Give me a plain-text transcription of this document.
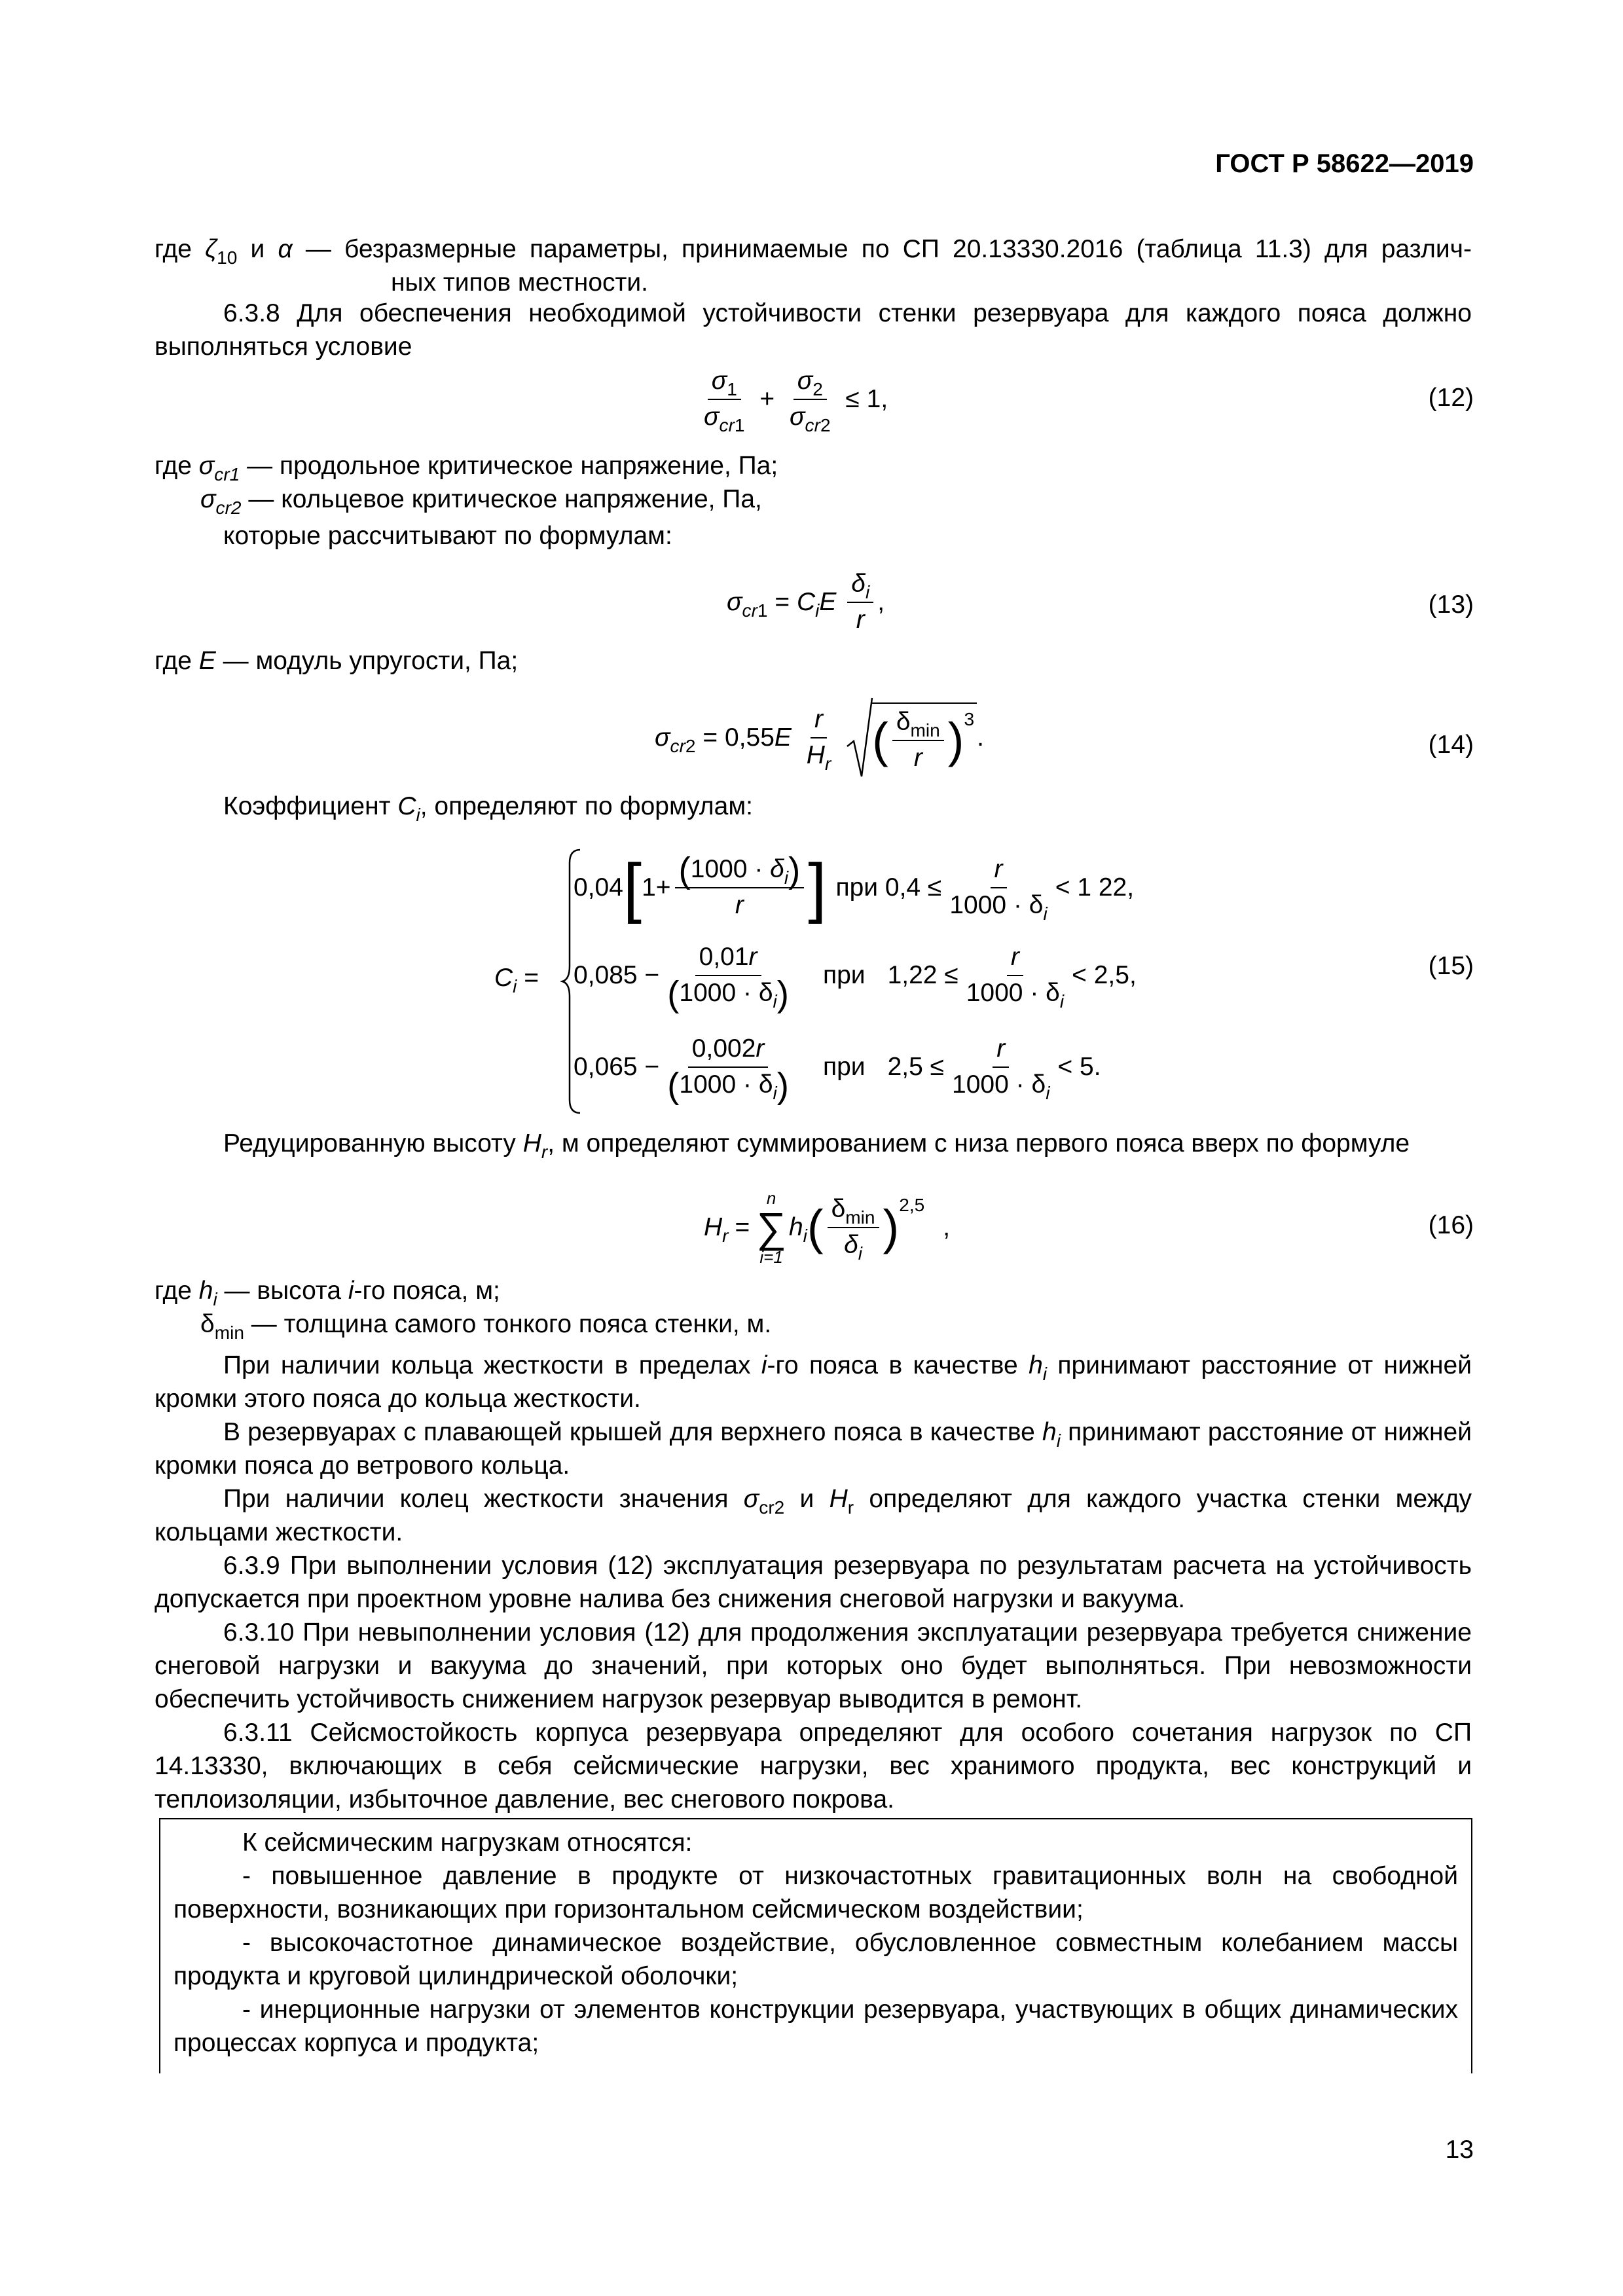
ГОСТ Р 58622—2019
где $\zeta_{10}$ и α — безразмерные параметры, принимаемые по СП 20.13330.2016 (таблица 11.3) для различ-
ных типов местности.

6.3.8 Для обеспечения необходимой устойчивости стенки резервуара для каждого пояса должно выполняться условие

$\frac{\sigma_1}{\sigma_{cr1}} + \frac{\sigma_2}{\sigma_{cr2}} \le 1$,	(12)
где $\sigma_{cr1}$ — продольное критическое напряжение, Па;
$\sigma_{cr2}$ — кольцевое критическое напряжение, Па,
которые рассчитывают по формулам:
$\sigma_{cr1} = C_iE \frac{\delta_i}{r}$ ,	(13)
где E — модуль упругости, Па;
$\sigma_{cr2} = 0,55E \frac{r}{H_r}$ ( $\frac{\delta_{min}}{r} )^3$.	(14)
Коэффициент $C_i$, определяют по формулам:
$C_i$ =
0,04 [ $1+ \frac{(1000 \cdot \delta_i)}{r}$ ] при $0,4 \le \frac{r}{1000 \cdot \delta_i} < 1$ 22,
$0,085 - \frac{0,01r}{(1000 \cdot \delta_i)}$ при $1,22 \le \frac{r}{1000 \cdot \delta_i} < 2,5$,
$0,065 - \frac{0,002r}{(1000 \cdot \delta_i)}$ при $2,5 \le \frac{r}{1000 \cdot \delta_i} < 5$.
(15)
Редуцированную высоту $H_r$, м определяют суммированием с низа первого пояса вверх по формуле
$H_r$ =
n
∑
i=1
$h_i$ ( $\frac{\delta_{min}}{\delta_i} )^{2,5}$
,	(16)
где $h_i$ — высота i-го пояса, м;
$\delta_{min}$ — толщина самого тонкого пояса стенки, м.

При наличии кольца жесткости в пределах i-го пояса в качестве $h_i$ принимают расстояние от нижней кромки этого пояса до кольца жесткости.

В резервуарах с плавающей крышей для верхнего пояса в качестве $h_i$ принимают расстояние от нижней кромки пояса до ветрового кольца.

При наличии колец жесткости значения $\sigma_{cr2}$ и $H_r$ определяют для каждого участка стенки между кольцами жесткости.

6.3.9 При выполнении условия (12) эксплуатация резервуара по результатам расчета на устойчивость допускается при проектном уровне налива без снижения снеговой нагрузки и вакуума.

6.3.10 При невыполнении условия (12) для продолжения эксплуатации резервуара требуется снижение снеговой нагрузки и вакуума до значений, при которых оно будет выполняться. При невозможности обеспечить устойчивость снижением нагрузок резервуар выводится в ремонт.

6.3.11 Сейсмостойкость корпуса резервуара определяют для особого сочетания нагрузок по СП 14.13330, включающих в себя сейсмические нагрузки, вес хранимого продукта, вес конструкций и теплоизоляции, избыточное давление, вес снегового покрова.

К сейсмическим нагрузкам относятся:

- повышенное давление в продукте от низкочастотных гравитационных волн на свободной поверхности, возникающих при горизонтальном сейсмическом воздействии;

- высокочастотное динамическое воздействие, обусловленное совместным колебанием массы продукта и круговой цилиндрической оболочки;

- инерционные нагрузки от элементов конструкции резервуара, участвующих в общих динамических процессах корпуса и продукта;

13
